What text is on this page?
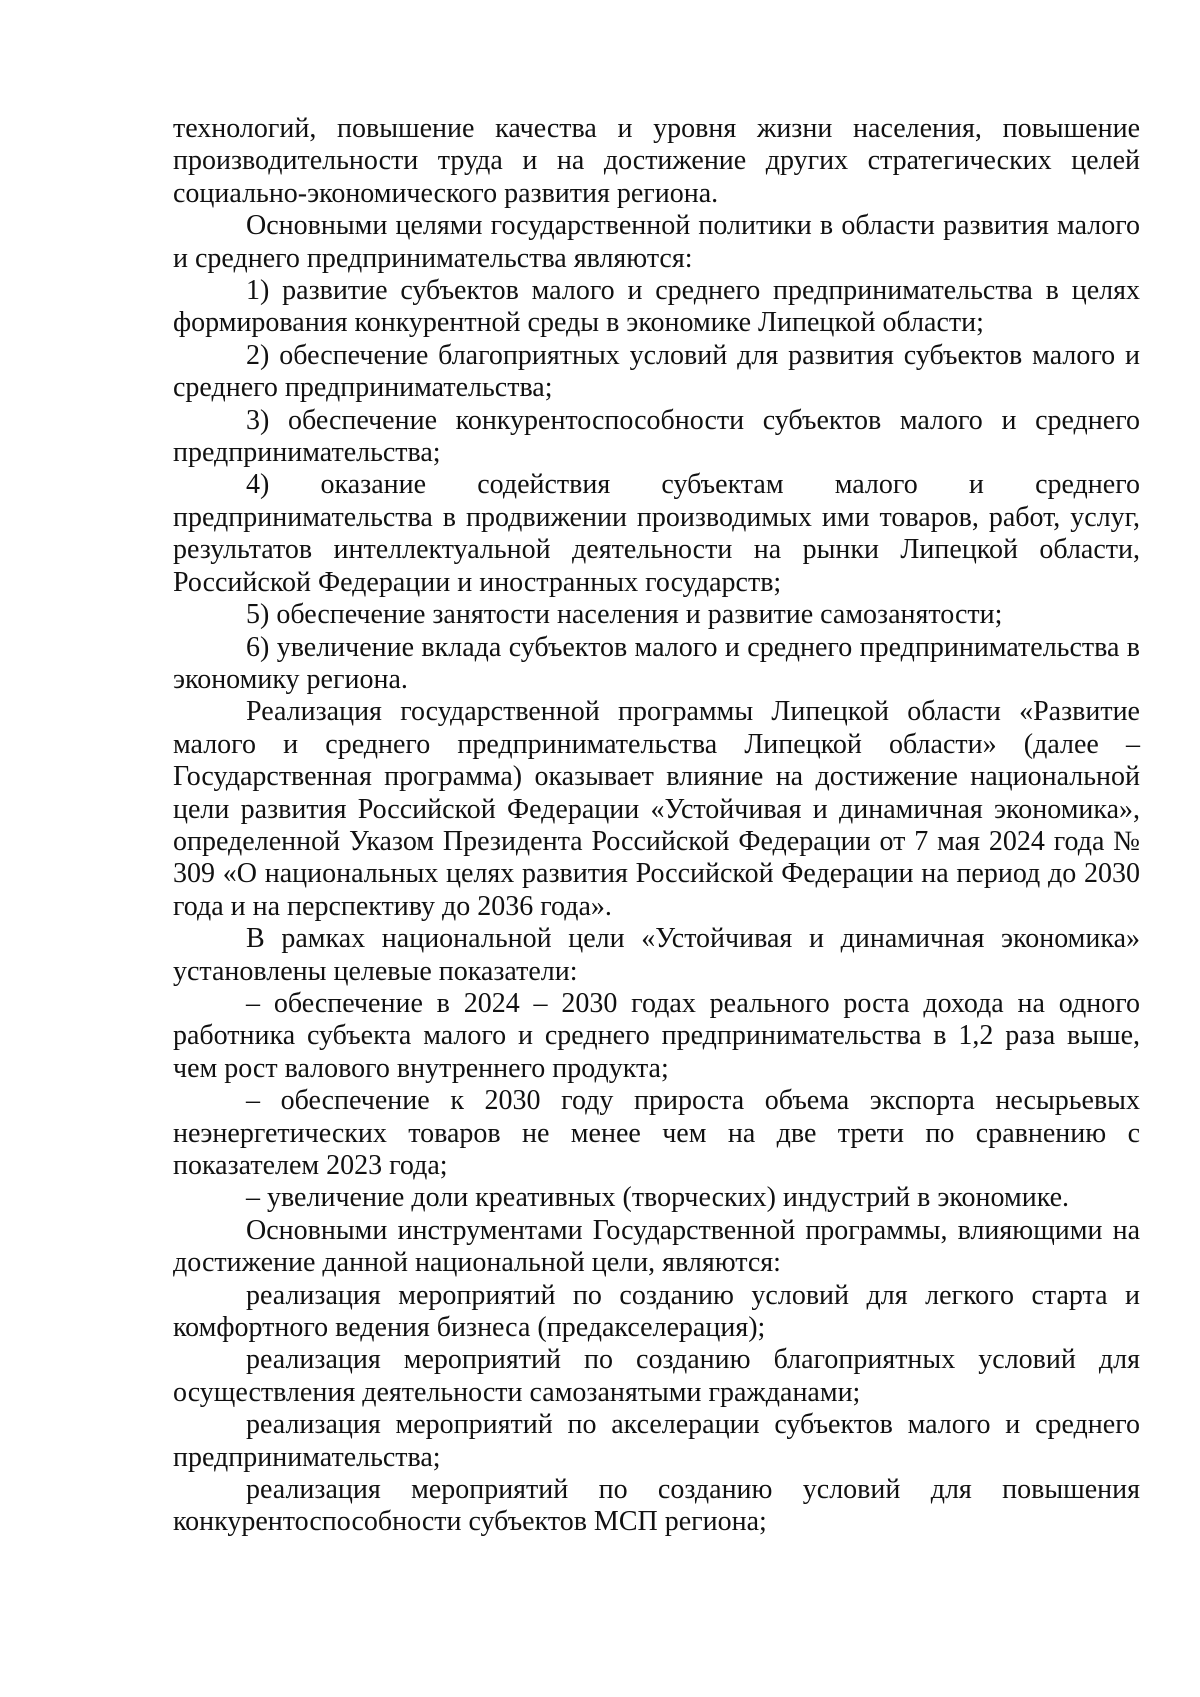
технологий, повышение качества и уровня жизни населения, повышение производительности труда и на достижение других стратегических целей социально-экономического развития региона.

Основными целями государственной политики в области развития малого и среднего предпринимательства являются:

1) развитие субъектов малого и среднего предпринимательства в целях формирования конкурентной среды в экономике Липецкой области;

2) обеспечение благоприятных условий для развития субъектов малого и среднего предпринимательства;

3) обеспечение конкурентоспособности субъектов малого и среднего предпринимательства;

4) оказание содействия субъектам малого и среднего предпринимательства в продвижении производимых ими товаров, работ, услуг, результатов интеллектуальной деятельности на рынки Липецкой области, Российской Федерации и иностранных государств;

5) обеспечение занятости населения и развитие самозанятости;

6) увеличение вклада субъектов малого и среднего предпринимательства в экономику региона.

Реализация государственной программы Липецкой области «Развитие малого и среднего предпринимательства Липецкой области» (далее – Государственная программа) оказывает влияние на достижение национальной цели развития Российской Федерации «Устойчивая и динамичная экономика», определенной Указом Президента Российской Федерации от 7 мая 2024 года № 309 «О национальных целях развития Российской Федерации на период до 2030 года и на перспективу до 2036 года».

В рамках национальной цели «Устойчивая и динамичная экономика» установлены целевые показатели:

– обеспечение в 2024 – 2030 годах реального роста дохода на одного работника субъекта малого и среднего предпринимательства в 1,2 раза выше, чем рост валового внутреннего продукта;

– обеспечение к 2030 году прироста объема экспорта несырьевых неэнергетических товаров не менее чем на две трети по сравнению с показателем 2023 года;

– увеличение доли креативных (творческих) индустрий в экономике.

Основными инструментами Государственной программы, влияющими на достижение данной национальной цели, являются:

реализация мероприятий по созданию условий для легкого старта и комфортного ведения бизнеса (предакселерация);

реализация мероприятий по созданию благоприятных условий для осуществления деятельности самозанятыми гражданами;

реализация мероприятий по акселерации субъектов малого и среднего предпринимательства;

реализация мероприятий по созданию условий для повышения конкурентоспособности субъектов МСП региона;
